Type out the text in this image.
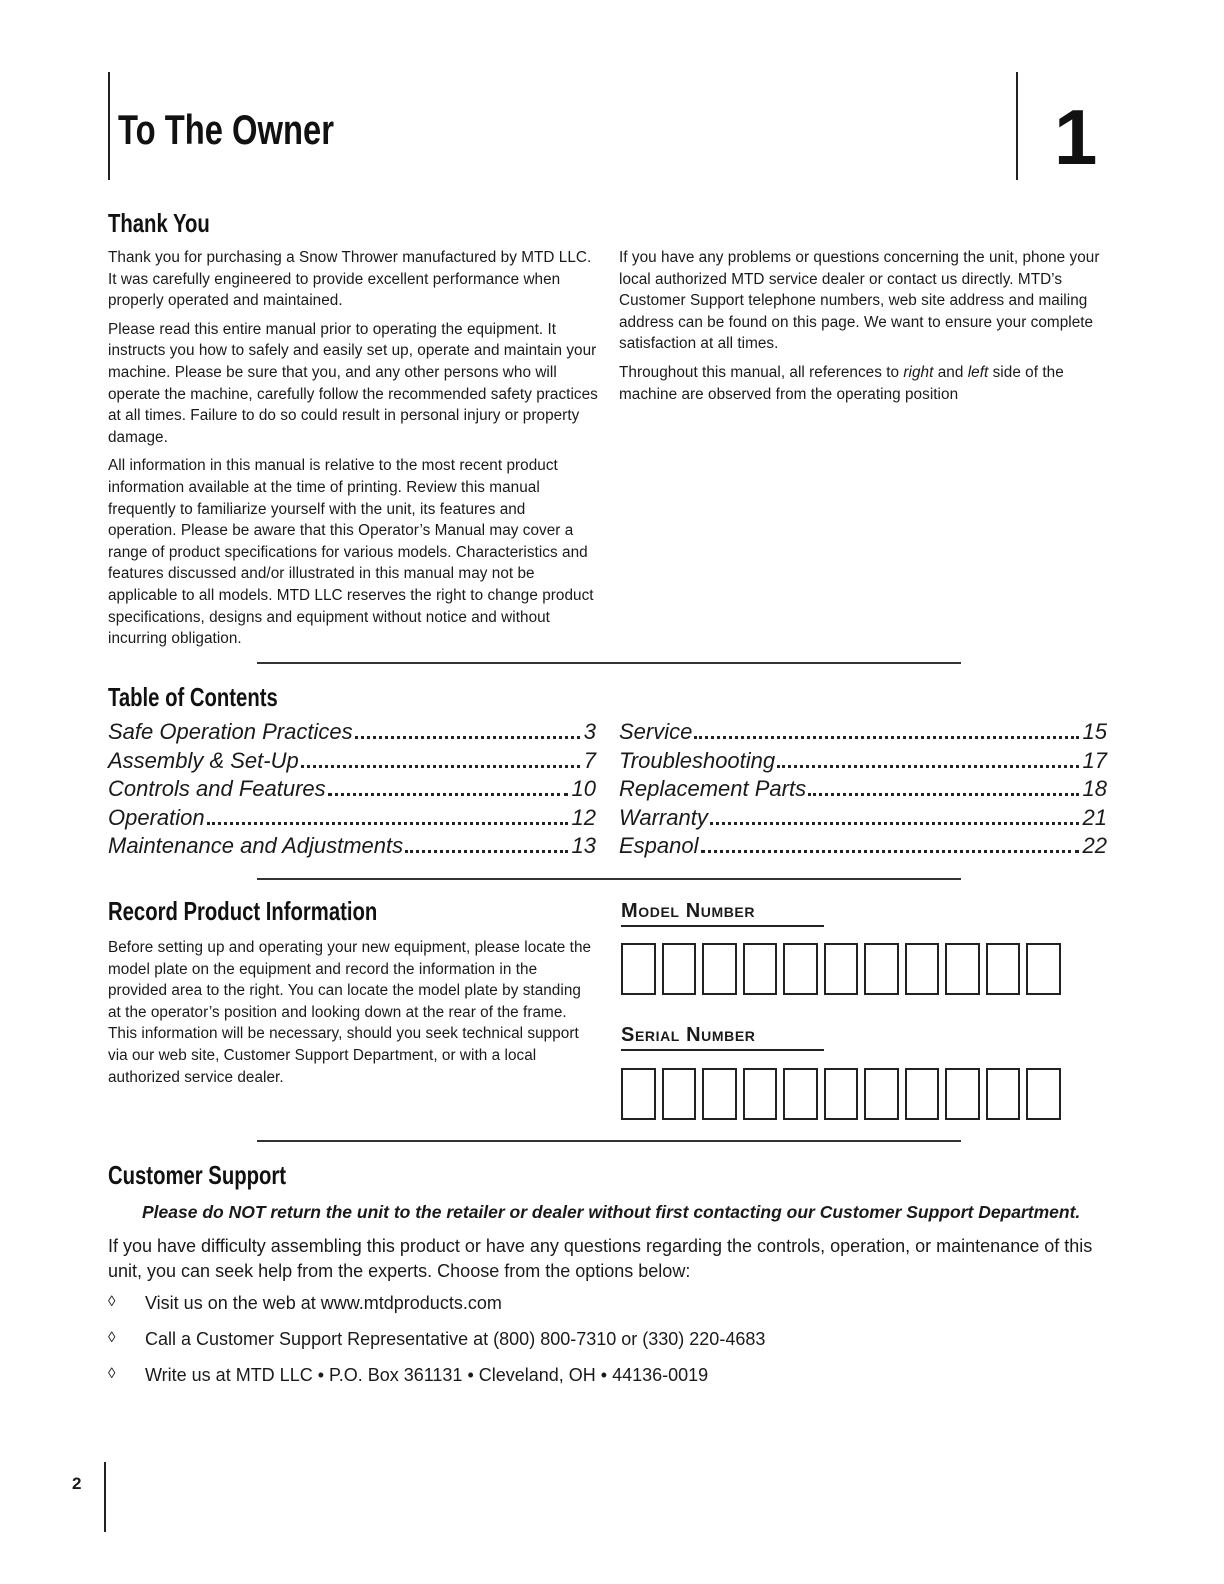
To The Owner	1
Thank You

Thank you for purchasing a Snow Thrower manufactured by MTD LLC. It was carefully engineered to provide excellent performance when properly operated and maintained.

Please read this entire manual prior to operating the equipment. It instructs you how to safely and easily set up, operate and maintain your machine. Please be sure that you, and any other persons who will operate the machine, carefully follow the recommended safety practices at all times. Failure to do so could result in personal injury or property damage.

All information in this manual is relative to the most recent product information available at the time of printing. Review this manual frequently to familiarize yourself with the unit, its features and operation. Please be aware that this Operator’s Manual may cover a range of product specifications for various models. Characteristics and features discussed and/or illustrated in this manual may not be applicable to all models. MTD LLC reserves the right to change product specifications, designs and equipment without notice and without incurring obligation.

If you have any problems or questions concerning the unit, phone your local authorized MTD service dealer or contact us directly. MTD’s Customer Support telephone numbers, web site address and mailing address can be found on this page. We want to ensure your complete satisfaction at all times.

Throughout this manual, all references to right and left side of the machine are observed from the operating position

Table of Contents
Safe Operation Practices	3
Assembly & Set-Up	7
Controls and Features	10
Operation	12
Maintenance and Adjustments	13
Service	15
Troubleshooting	17
Replacement Parts	18
Warranty	21
Espanol	22
Record Product Information

Before setting up and operating your new equipment, please locate the model plate on the equipment and record the information in the provided area to the right. You can locate the model plate by standing at the operator’s position and looking down at the rear of the frame. This information will be necessary, should you seek technical support via our web site, Customer Support Department, or with a local authorized service dealer.

Model Number
Serial Number
Customer Support
Please do NOT return the unit to the retailer or dealer without first contacting our Customer Support Department.
If you have difficulty assembling this product or have any questions regarding the controls, operation, or maintenance of this unit, you can seek help from the experts. Choose from the options below:
◊	Visit us on the web at www.mtdproducts.com
◊	Call a Customer Support Representative at (800) 800-7310 or (330) 220-4683
◊	Write us at MTD LLC • P.O. Box 361131 • Cleveland, OH • 44136-0019
2
